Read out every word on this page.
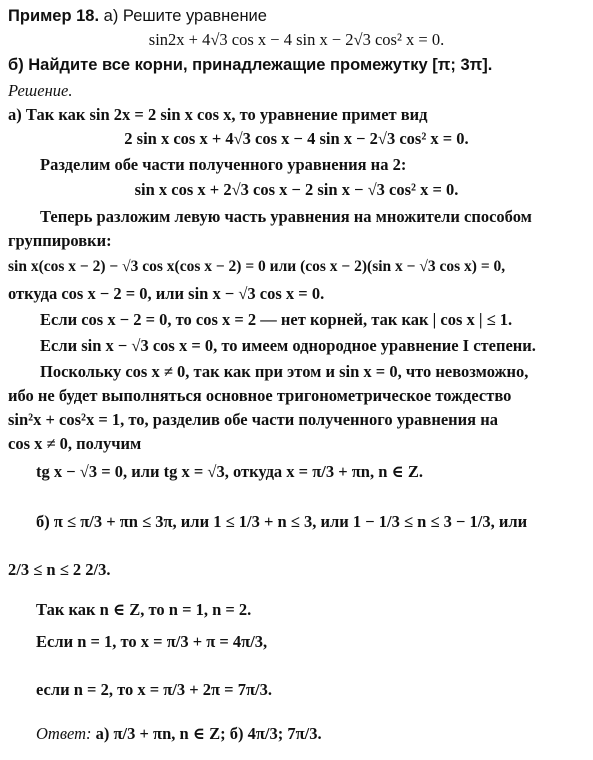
Пример 18. а) Решите уравнение
sin2x + 4√3 cos x − 4 sin x − 2√3 cos² x = 0.
б) Найдите все корни, принадлежащие промежутку [π; 3π].
Решение.
а) Так как sin 2x = 2 sin x cos x, то уравнение примет вид
2 sin x cos x + 4√3 cos x − 4 sin x − 2√3 cos² x = 0.
Разделим обе части полученного уравнения на 2:
sin x cos x + 2√3 cos x − 2 sin x − √3 cos² x = 0.
Теперь разложим левую часть уравнения на множители способом
группировки:
sin x(cos x − 2) − √3 cos x(cos x − 2) = 0 или (cos x − 2)(sin x − √3 cos x) = 0,
откуда cos x − 2 = 0, или sin x − √3 cos x = 0.
Если cos x − 2 = 0, то cos x = 2 — нет корней, так как | cos x | ≤ 1.
Если sin x − √3 cos x = 0, то имеем однородное уравнение I степени.
Поскольку cos x ≠ 0, так как при этом и sin x = 0, что невозможно,
ибо не будет выполняться основное тригонометрическое тождество
sin²x + cos²x = 1, то, разделив обе части полученного уравнения на
cos x ≠ 0, получим
tg x − √3 = 0, или tg x = √3, откуда x = π/3 + πn, n ∈ Z.
б) π ≤ π/3 + πn ≤ 3π, или 1 ≤ 1/3 + n ≤ 3, или 1 − 1/3 ≤ n ≤ 3 − 1/3, или
2/3 ≤ n ≤ 2 2/3.
Так как n ∈ Z, то n = 1, n = 2.
Если n = 1, то x = π/3 + π = 4π/3,
если n = 2, то x = π/3 + 2π = 7π/3.
Ответ: а) π/3 + πn, n ∈ Z; б) 4π/3; 7π/3.
